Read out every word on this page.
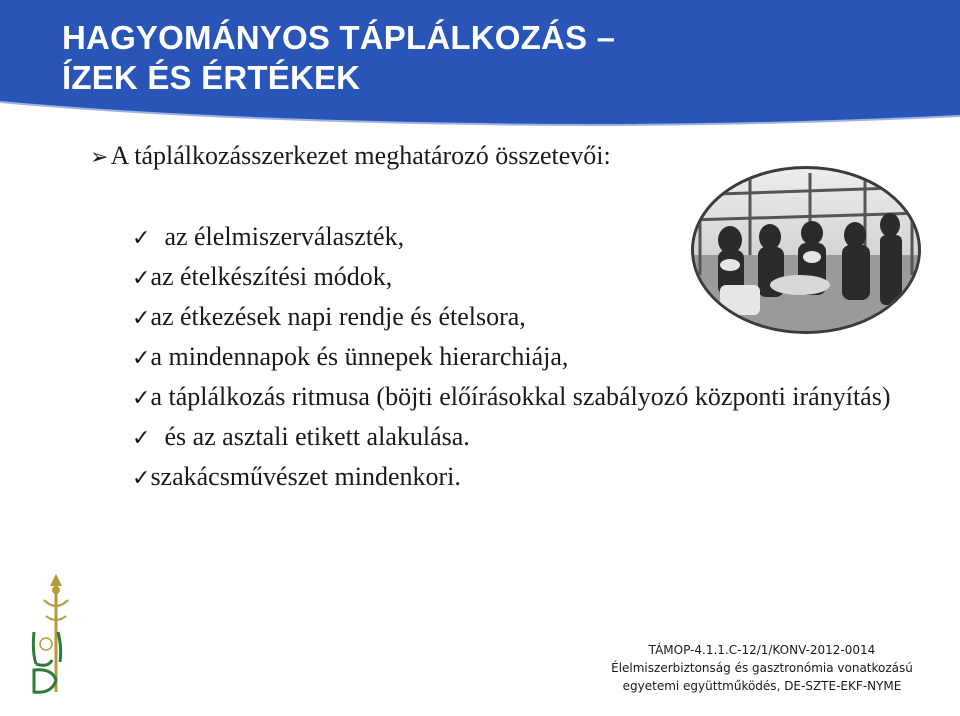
HAGYOMÁNYOS TÁPLÁLKOZÁS –
ÍZEK ÉS ÉRTÉKEK
➢A táplálkozásszerkezet meghatározó összetevői:
✓ az élelmiszerválaszték,
✓az ételkészítési módok,
✓az étkezések napi rendje és ételsora,
✓a mindennapok és ünnepek hierarchiája,
✓a táplálkozás ritmusa (böjti előírásokkal szabályozó központi irányítás)
✓ és az asztali etikett alakulása.
✓szakácsművészet mindenkori.
TÁMOP-4.1.1.C-12/1/KONV-2012-0014
Élelmiszerbiztonság és gasztronómia vonatkozású
egyetemi együttműködés, DE-SZTE-EKF-NYME
